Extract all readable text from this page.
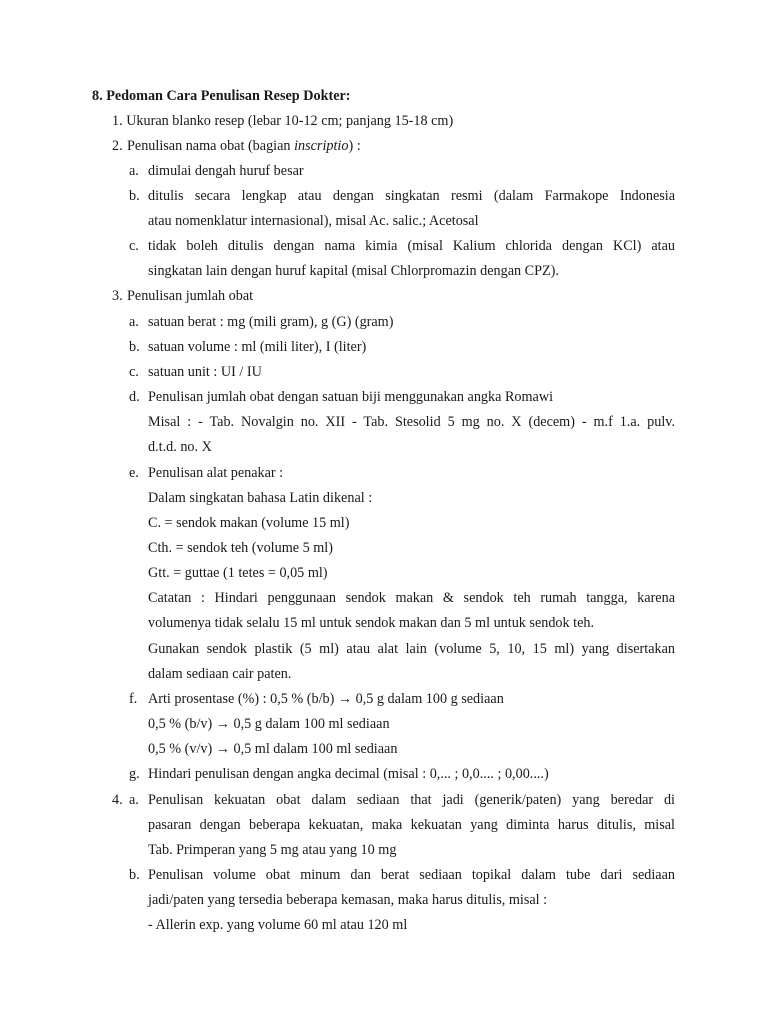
8. Pedoman Cara Penulisan Resep Dokter:
1. Ukuran blanko resep (lebar 10-12 cm; panjang 15-18 cm)
2. Penulisan nama obat (bagian inscriptio) :
a. dimulai dengah huruf besar
b. ditulis secara lengkap atau dengan singkatan resmi (dalam Farmakope Indonesia
atau nomenklatur internasional), misal Ac. salic.; Acetosal
c. tidak boleh ditulis dengan nama kimia (misal Kalium chlorida dengan KCl) atau
singkatan lain dengan huruf kapital (misal Chlorpromazin dengan CPZ).
3. Penulisan jumlah obat
a. satuan berat : mg (mili gram), g (G) (gram)
b. satuan volume : ml (mili liter), I (liter)
c. satuan unit : UI / IU
d. Penulisan jumlah obat dengan satuan biji menggunakan angka Romawi
Misal : - Tab. Novalgin no. XII - Tab. Stesolid 5 mg no. X (decem) - m.f 1.a. pulv.
d.t.d. no. X
e. Penulisan alat penakar :
Dalam singkatan bahasa Latin dikenal :
C. = sendok makan (volume 15 ml)
Cth. = sendok teh (volume 5 ml)
Gtt. = guttae (1 tetes = 0,05 ml)
Catatan : Hindari penggunaan sendok makan & sendok teh rumah tangga, karena
volumenya tidak selalu 15 ml untuk sendok makan dan 5 ml untuk sendok teh.
Gunakan sendok plastik (5 ml) atau alat lain (volume 5, 10, 15 ml) yang disertakan
dalam sediaan cair paten.
f. Arti prosentase (%) : 0,5 % (b/b) → 0,5 g dalam 100 g sediaan
0,5 % (b/v) → 0,5 g dalam 100 ml sediaan
0,5 % (v/v) → 0,5 ml dalam 100 ml sediaan
g. Hindari penulisan dengan angka decimal (misal : 0,... ; 0,0.... ; 0,00....)
4. a. Penulisan kekuatan obat dalam sediaan that jadi (generik/paten) yang beredar di
pasaran dengan beberapa kekuatan, maka kekuatan yang diminta harus ditulis, misal
Tab. Primperan yang 5 mg atau yang 10 mg
b. Penulisan volume obat minum dan berat sediaan topikal dalam tube dari sediaan
jadi/paten yang tersedia beberapa kemasan, maka harus ditulis, misal :
- Allerin exp. yang volume 60 ml atau 120 ml
